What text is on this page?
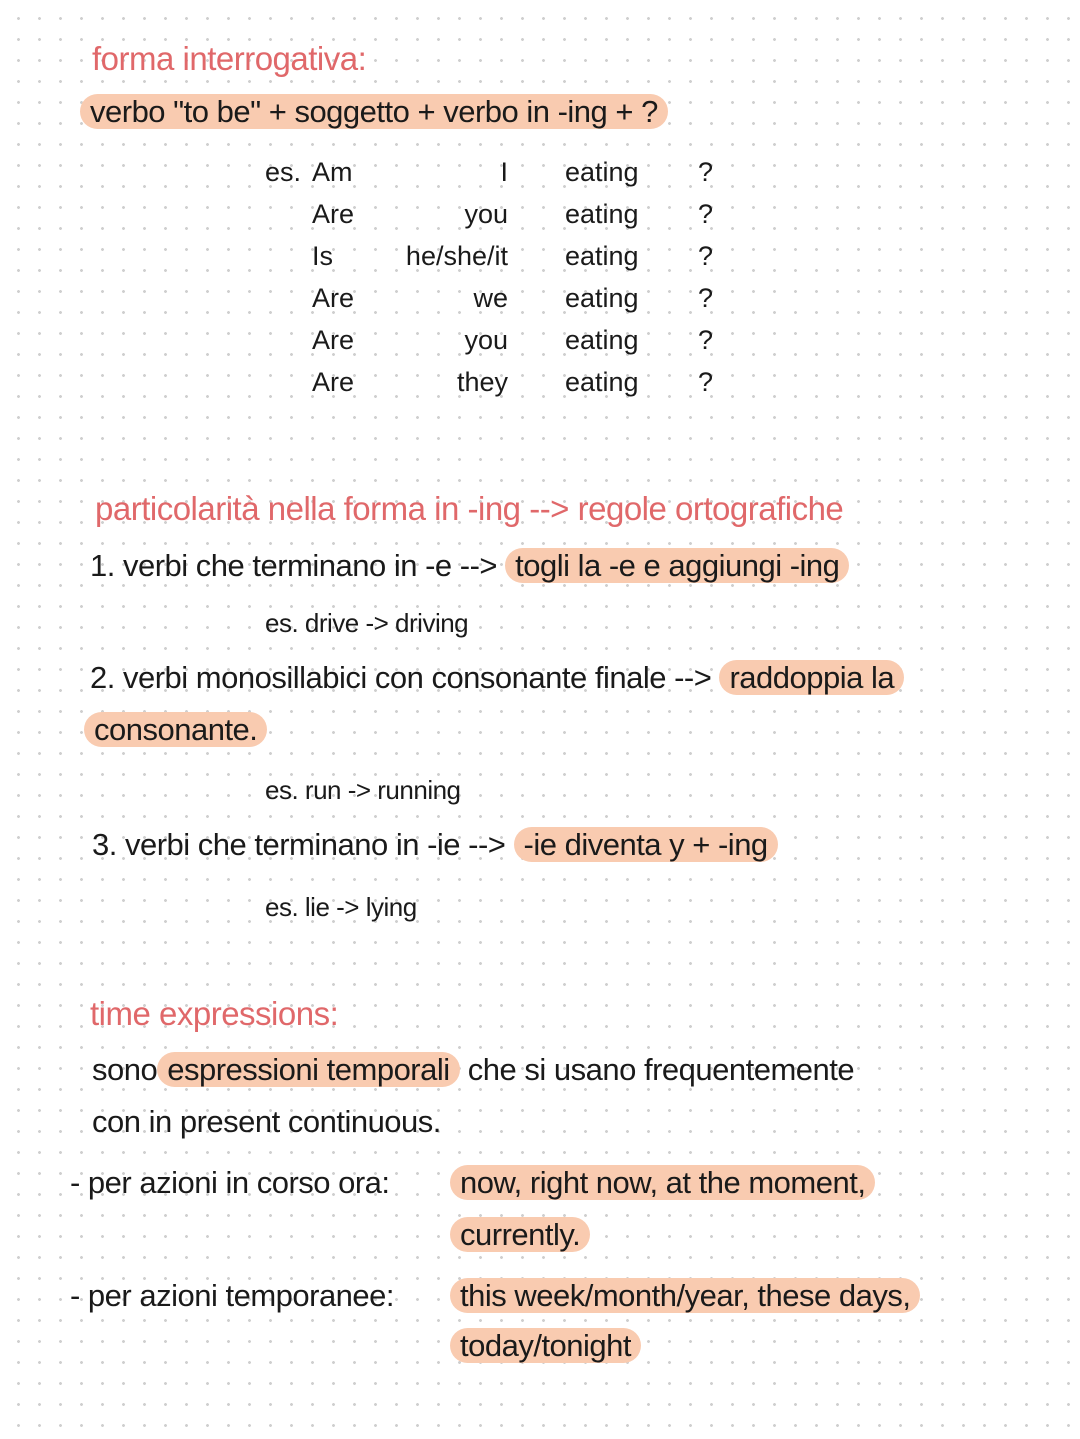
forma interrogativa:
verbo "to be" + soggetto + verbo in -ing + ?
es. Am	I eating ?
Are	you eating ?
Is	he/she/it eating ?
Are	we eating ?
Are	you eating ?
Are	they eating ?
particolarità nella forma in -ing --> regole ortografiche
1. verbi che terminano in -e --> togli la -e e aggiungi -ing
es. drive -> driving
2. verbi monosillabici con consonante finale --> raddoppia la
consonante.
es. run -> running
3. verbi che terminano in -ie --> -ie diventa y + -ing
es. lie -> lying
time expressions:
sono espressioni temporali che si usano frequentemente
con in present continuous.
- per azioni in corso ora:	now, right now, at the moment,
currently.
- per azioni temporanee:	this week/month/year, these days,
today/tonight
